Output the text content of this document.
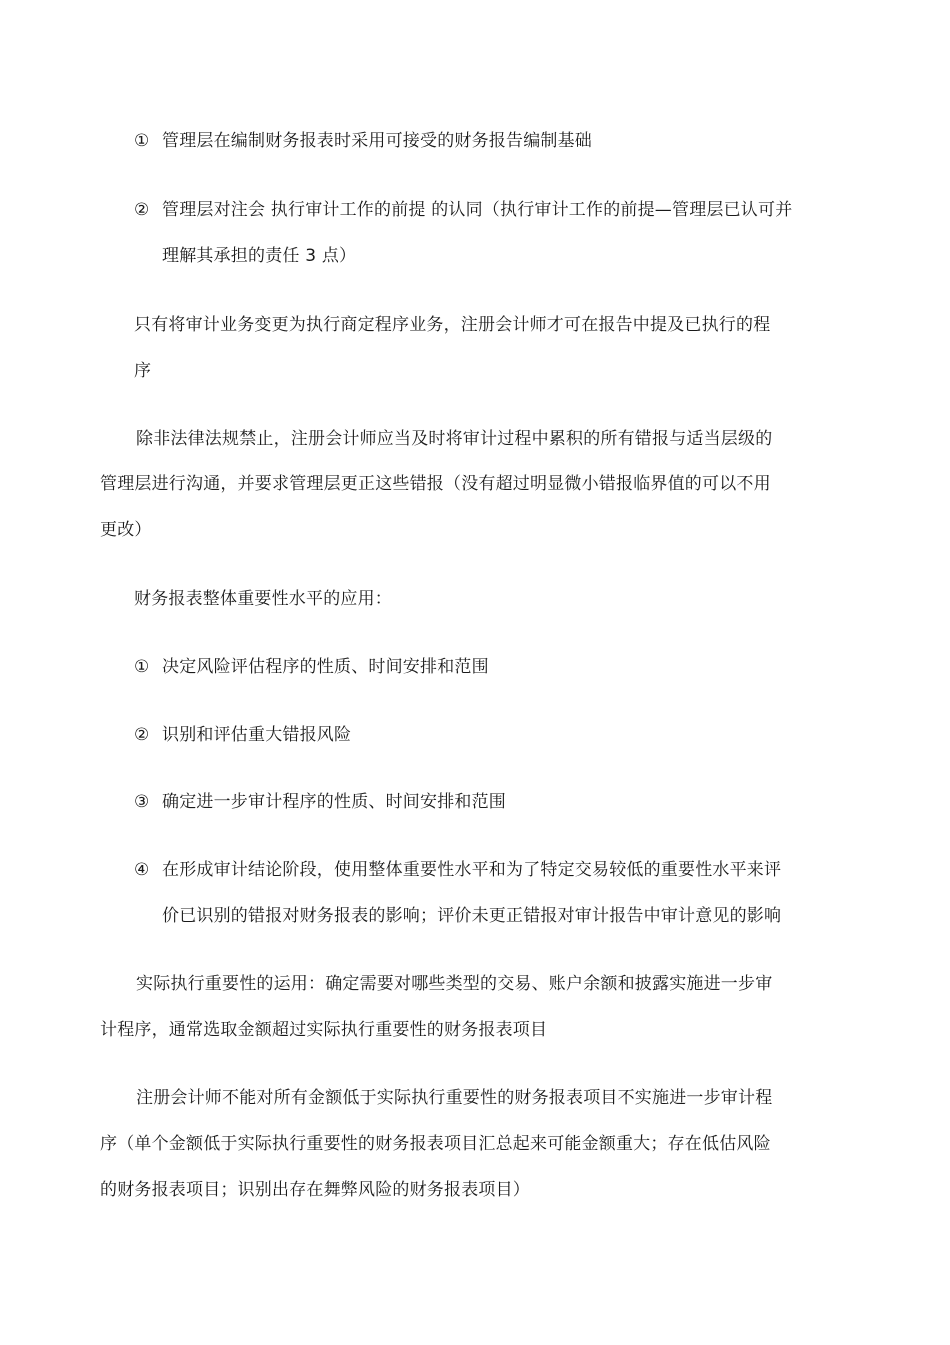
① 管理层在编制财务报表时采用可接受的财务报告编制基础
② 管理层对注会 执行审计工作的前提 的认同（执行审计工作的前提—管理层已认可并
理解其承担的责任 3 点）
只有将审计业务变更为执行商定程序业务，注册会计师才可在报告中提及已执行的程
序
除非法律法规禁止，注册会计师应当及时将审计过程中累积的所有错报与适当层级的
管理层进行沟通，并要求管理层更正这些错报（没有超过明显微小错报临界值的可以不用
更改）
财务报表整体重要性水平的应用：
① 决定风险评估程序的性质、时间安排和范围
② 识别和评估重大错报风险
③ 确定进一步审计程序的性质、时间安排和范围
④ 在形成审计结论阶段，使用整体重要性水平和为了特定交易较低的重要性水平来评
价已识别的错报对财务报表的影响；评价未更正错报对审计报告中审计意见的影响
实际执行重要性的运用：确定需要对哪些类型的交易、账户余额和披露实施进一步审
计程序，通常选取金额超过实际执行重要性的财务报表项目
注册会计师不能对所有金额低于实际执行重要性的财务报表项目不实施进一步审计程
序（单个金额低于实际执行重要性的财务报表项目汇总起来可能金额重大；存在低估风险
的财务报表项目；识别出存在舞弊风险的财务报表项目）
